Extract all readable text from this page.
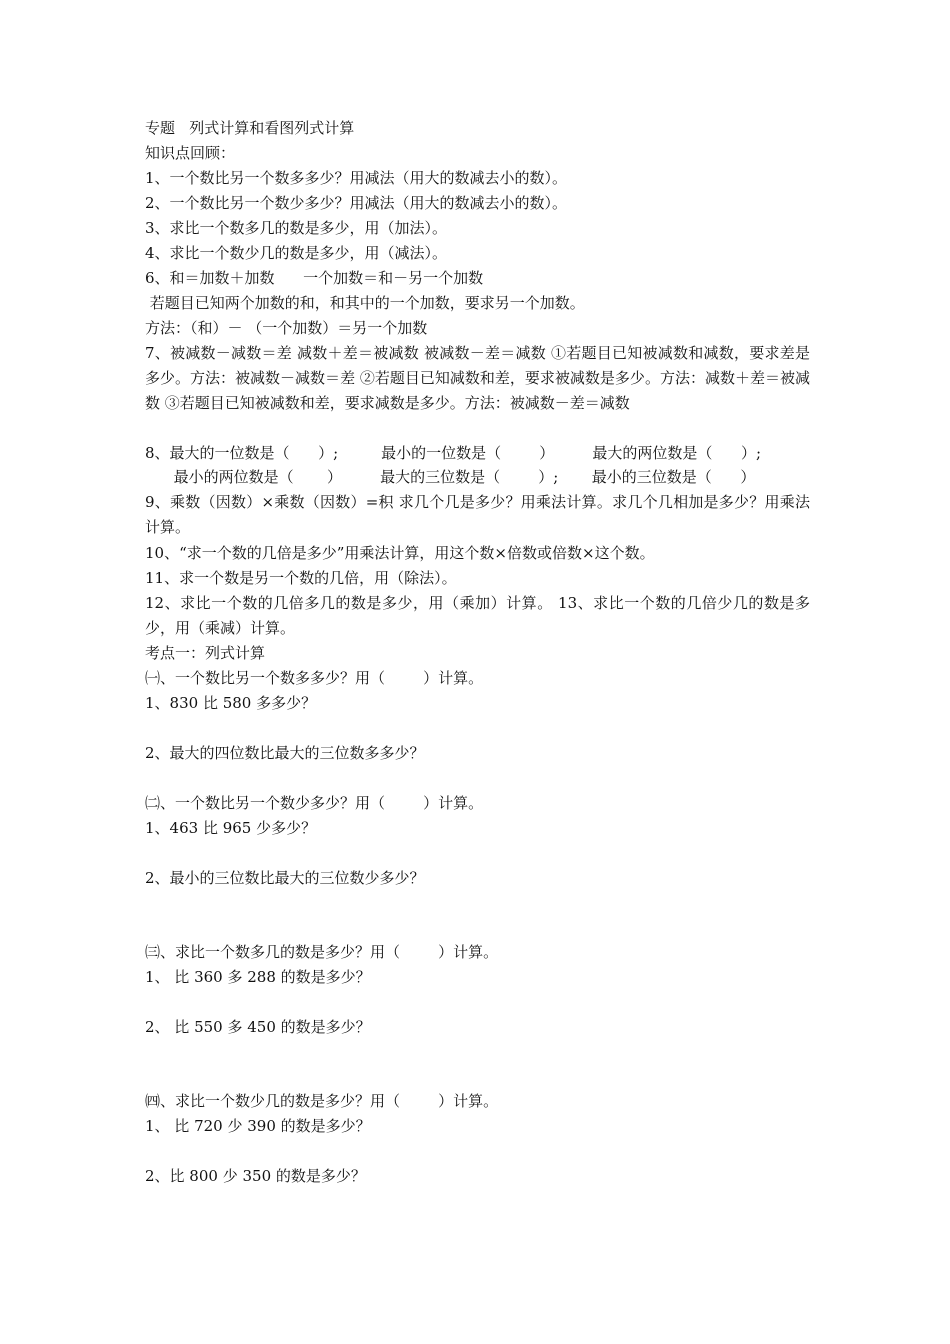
专题   列式计算和看图列式计算
知识点回顾：
1、一个数比另一个数多多少？用减法（用大的数减去小的数）。
2、一个数比另一个数少多少？用减法（用大的数减去小的数）。
3、求比一个数多几的数是多少，用（加法）。
4、求比一个数少几的数是多少，用（减法）。
6、和＝加数＋加数      一个加数＝和－另一个加数
若题目已知两个加数的和，和其中的一个加数，要求另一个加数。
方法：（和）－ （一个加数）＝另一个加数
7、被减数－减数＝差 减数＋差＝被减数 被减数－差＝减数 ①若题目已知被减数和减数，要求差是多少。方法：被减数－减数＝差 ②若题目已知减数和差，要求被减数是多少。方法：减数＋差＝被减数 ③若题目已知被减数和差，要求减数是多少。方法：被减数－差＝减数
8、最大的一位数是（      ）;         最小的一位数是（        ）        最大的两位数是（      ）;
最小的两位数是（       ）        最大的三位数是（        ）;       最小的三位数是（      ）
9、乘数（因数）×乘数（因数）=积 求几个几是多少？用乘法计算。求几个几相加是多少？用乘法计算。
10、“求一个数的几倍是多少”用乘法计算，用这个数×倍数或倍数×这个数。
11、求一个数是另一个数的几倍，用（除法）。
12、求比一个数的几倍多几的数是多少，用（乘加）计算。 13、求比一个数的几倍少几的数是多少，用（乘减）计算。
考点一：列式计算
㈠、一个数比另一个数多多少？用（        ）计算。
1、830 比 580 多多少？
2、最大的四位数比最大的三位数多多少？
㈡、一个数比另一个数少多少？用（        ）计算。
1、463 比 965 少多少？
2、最小的三位数比最大的三位数少多少？
㈢、求比一个数多几的数是多少？用（        ）计算。
1、 比 360 多 288 的数是多少？
2、 比 550 多 450 的数是多少？
㈣、求比一个数少几的数是多少？用（        ）计算。
1、 比 720 少 390 的数是多少？
2、比 800 少 350 的数是多少？
